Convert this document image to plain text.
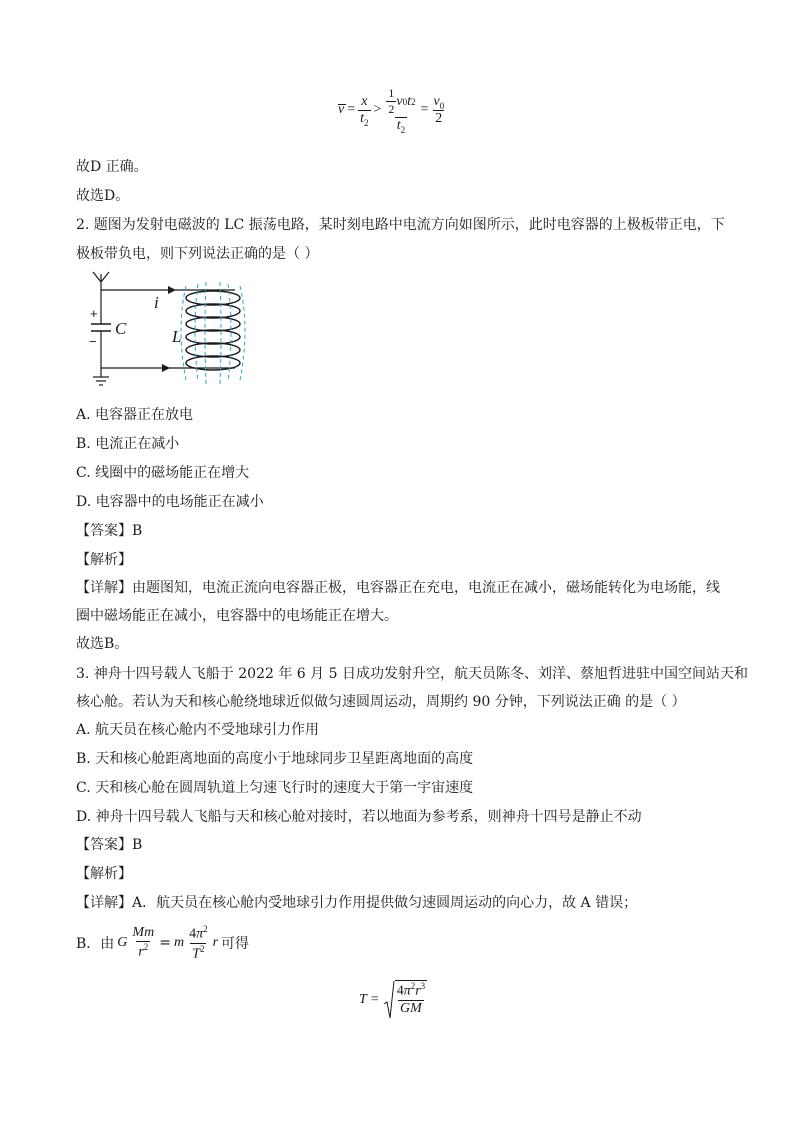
$v = \frac{x}{t_2} > \frac{\frac{1}{2} v 0 t 2}{t_2} = \frac{v_0}{2}$
故D 正确。
故选D。
2. 题图为发射电磁波的 LC 振荡电路，某时刻电路中电流方向如图所示，此时电容器的上极板带正电，下
极板带负电，则下列说法正确的是（ ）
i
C	L
+
−
A. 电容器正在放电
B. 电流正在减小
C. 线圈中的磁场能正在增大
D. 电容器中的电场能正在减小
【答案】B
【解析】
【详解】由题图知，电流正流向电容器正极，电容器正在充电，电流正在减小，磁场能转化为电场能，线
圈中磁场能正在减小，电容器中的电场能正在增大。
故选B。
3. 神舟十四号载人飞船于 2022 年 6 月 5 日成功发射升空，航天员陈冬、刘洋、蔡旭哲进驻中国空间站天和
核心舱。若认为天和核心舱绕地球近似做匀速圆周运动，周期约 90 分钟，下列说法正确 的是（ ）
A. 航天员在核心舱内不受地球引力作用
B. 天和核心舱距离地面的高度小于地球同步卫星距离地面的高度
C. 天和核心舱在圆周轨道上匀速飞行时的速度大于第一宇宙速度
D. 神舟十四号载人飞船与天和核心舱对接时，若以地面为参考系，则神舟十四号是静止不动
【答案】B
【解析】
【详解】A．航天员在核心舱内受地球引力作用提供做匀速圆周运动的向心力，故 A 错误；
B．由 G $\frac{Mm}{r^2} = m \frac{4\pi^2}{T^2}$ r 可得
$T = \frac{4\pi^2r^3}{GM}$
